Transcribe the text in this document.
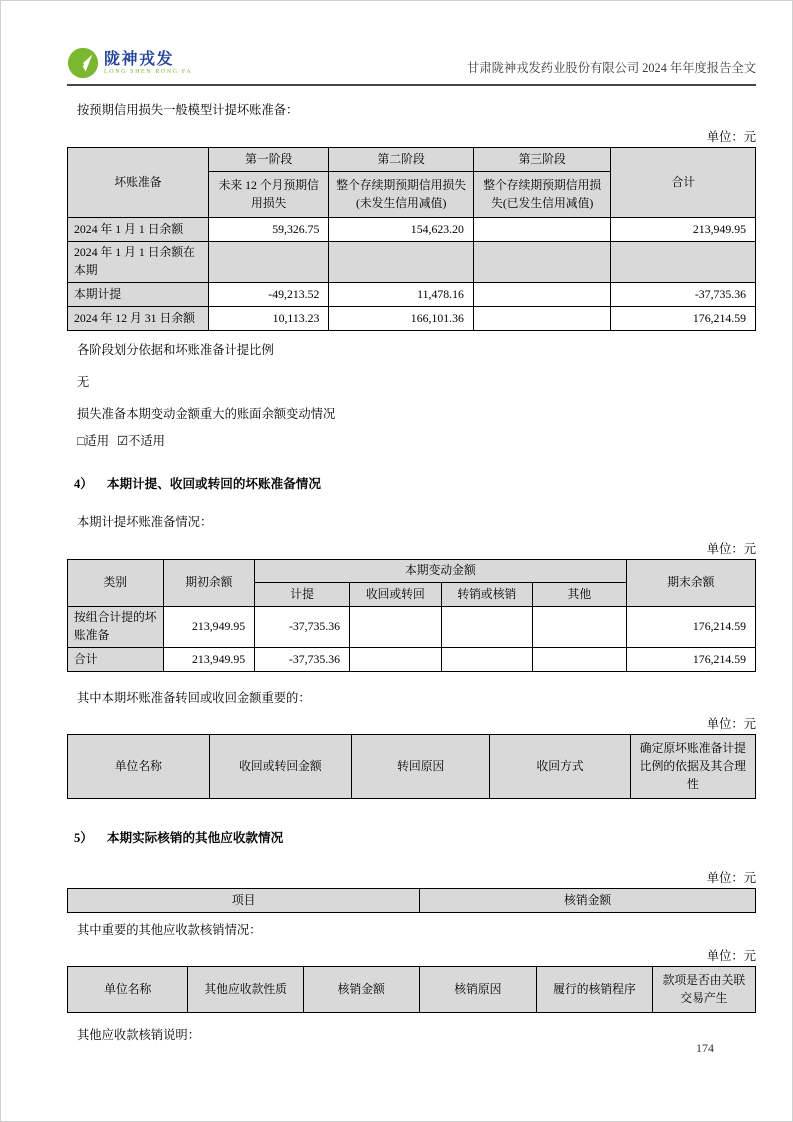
陇神戎发
LONG SHEN RONG FA	甘肃陇神戎发药业股份有限公司 2024 年年度报告全文
按预期信用损失一般模型计提坏账准备：
单位：元
坏账准备	第一阶段	第二阶段	第三阶段	合计
	未来 12 个月预期信用损失	整个存续期预期信用损失(未发生信用减值)	整个存续期预期信用损失(已发生信用减值)	
2024 年 1 月 1 日余额	59,326.75	154,623.20		213,949.95
2024 年 1 月 1 日余额在本期				
本期计提	-49,213.52	11,478.16		-37,735.36
2024 年 12 月 31 日余额	10,113.23	166,101.36		176,214.59
各阶段划分依据和坏账准备计提比例
无
损失准备本期变动金额重大的账面余额变动情况
□适用 ☑不适用
4） 本期计提、收回或转回的坏账准备情况
本期计提坏账准备情况：
单位：元
类别	期初余额	本期变动金额				期末余额
		计提	收回或转回	转销或核销	其他	
按组合计提的坏账准备	213,949.95	-37,735.36				176,214.59
合计	213,949.95	-37,735.36				176,214.59
其中本期坏账准备转回或收回金额重要的：
单位：元
单位名称	收回或转回金额	转回原因	收回方式	确定原坏账准备计提比例的依据及其合理性
5） 本期实际核销的其他应收款情况
单位：元
项目	核销金额
其中重要的其他应收款核销情况：
单位：元
单位名称	其他应收款性质	核销金额	核销原因	履行的核销程序	款项是否由关联交易产生
其他应收款核销说明：
174
